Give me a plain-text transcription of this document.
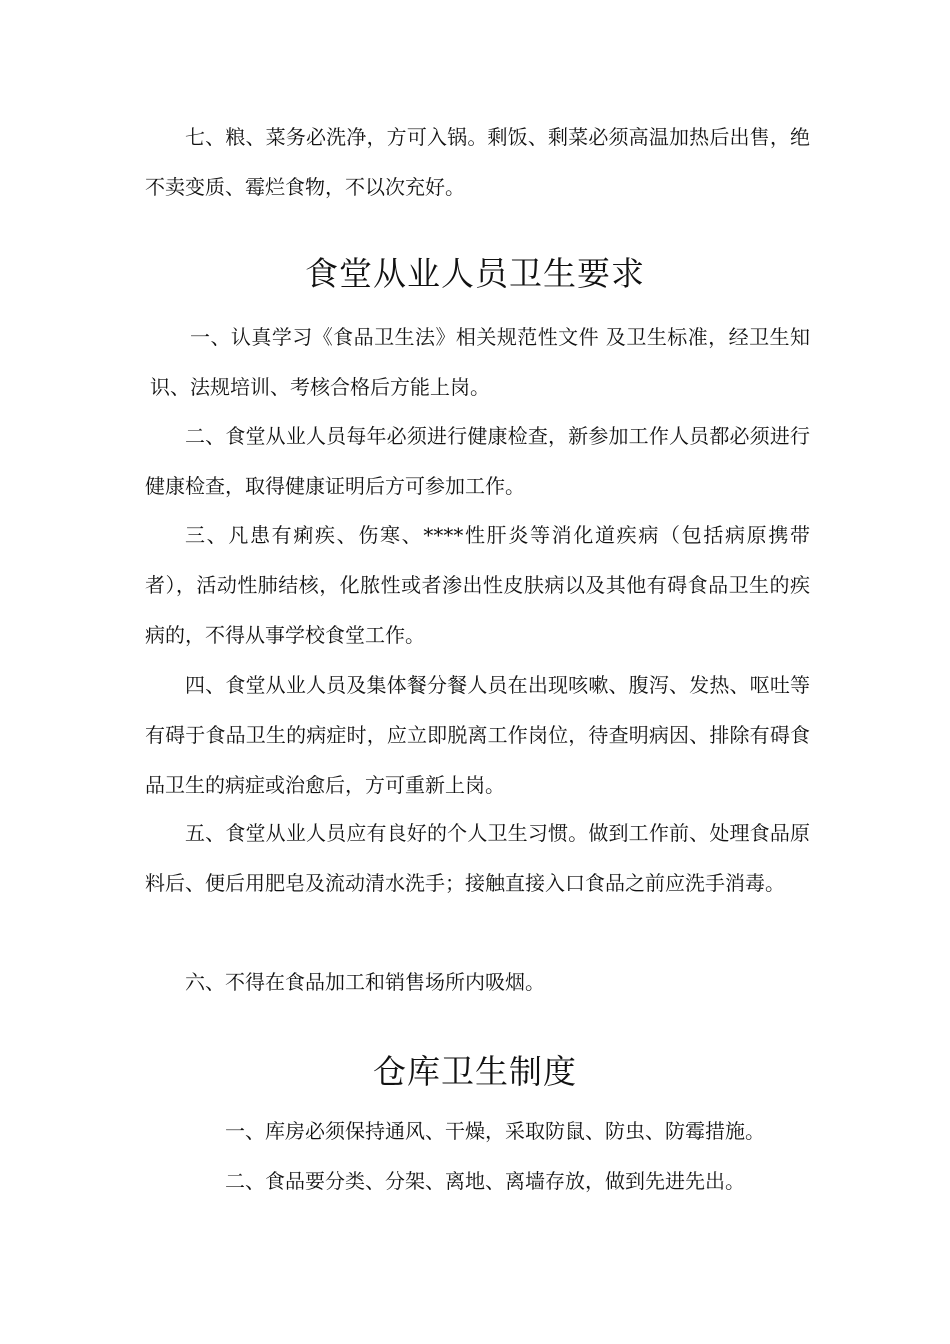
七、粮、菜务必洗净，方可入锅。剩饭、剩菜必须高温加热后出售，绝不卖变质、霉烂食物，不以次充好。

食堂从业人员卫生要求

一、认真学习《食品卫生法》相关规范性文件 及卫生标准，经卫生知识、法规培训、考核合格后方能上岗。

二、食堂从业人员每年必须进行健康检查，新参加工作人员都必须进行健康检查，取得健康证明后方可参加工作。

三、凡患有痢疾、伤寒、****性肝炎等消化道疾病（包括病原携带者），活动性肺结核，化脓性或者渗出性皮肤病以及其他有碍食品卫生的疾病的，不得从事学校食堂工作。

四、食堂从业人员及集体餐分餐人员在出现咳嗽、腹泻、发热、呕吐等有碍于食品卫生的病症时，应立即脱离工作岗位，待查明病因、排除有碍食品卫生的病症或治愈后，方可重新上岗。

五、食堂从业人员应有良好的个人卫生习惯。做到工作前、处理食品原料后、便后用肥皂及流动清水洗手；接触直接入口食品之前应洗手消毒。

六、不得在食品加工和销售场所内吸烟。

仓库卫生制度

一、库房必须保持通风、干燥，采取防鼠、防虫、防霉措施。

二、食品要分类、分架、离地、离墙存放，做到先进先出。
